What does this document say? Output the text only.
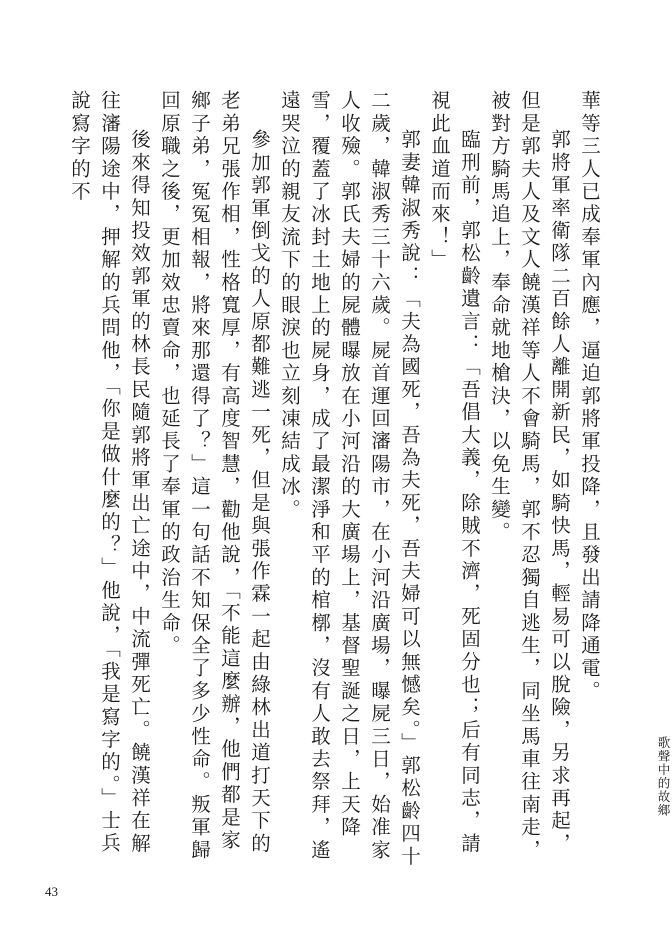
華等三人已成奉軍內應，逼迫郭將軍投降，且發出請降通電。

郭將軍率衛隊二百餘人離開新民，如騎快馬，輕易可以脫險，另求再起，但是郭夫人及文人饒漢祥等人不會騎馬，郭不忍獨自逃生，同坐馬車往南走，被對方騎馬追上，奉命就地槍決，以免生變。

臨刑前，郭松齡遺言：「吾倡大義，除賊不濟，死固分也；后有同志，請視此血道而來！」

郭妻韓淑秀說：「夫為國死，吾為夫死，吾夫婦可以無憾矣。」郭松齡四十二歲，韓淑秀三十六歲。屍首運回瀋陽市，在小河沿廣場，曝屍三日，始准家人收殮。郭氏夫婦的屍體曝放在小河沿的大廣場上，基督聖誕之日，上天降雪，覆蓋了冰封土地上的屍身，成了最潔淨和平的棺槨，沒有人敢去祭拜，遙遠哭泣的親友流下的眼淚也立刻凍結成冰。

參加郭軍倒戈的人原都難逃一死，但是與張作霖一起由綠林出道打天下的老弟兄張作相，性格寬厚，有高度智慧，勸他說，「不能這麼辦，他們都是家鄉子弟，冤冤相報，將來那還得了？」這一句話不知保全了多少性命。叛軍歸回原職之後，更加效忠賣命，也延長了奉軍的政治生命。

後來得知投效郭軍的林長民隨郭將軍出亡途中，中流彈死亡。饒漢祥在解往瀋陽途中，押解的兵問他，「你是做什麼的？」他說，「我是寫字的。」士兵說寫字的不

歌聲中的故鄉
43
